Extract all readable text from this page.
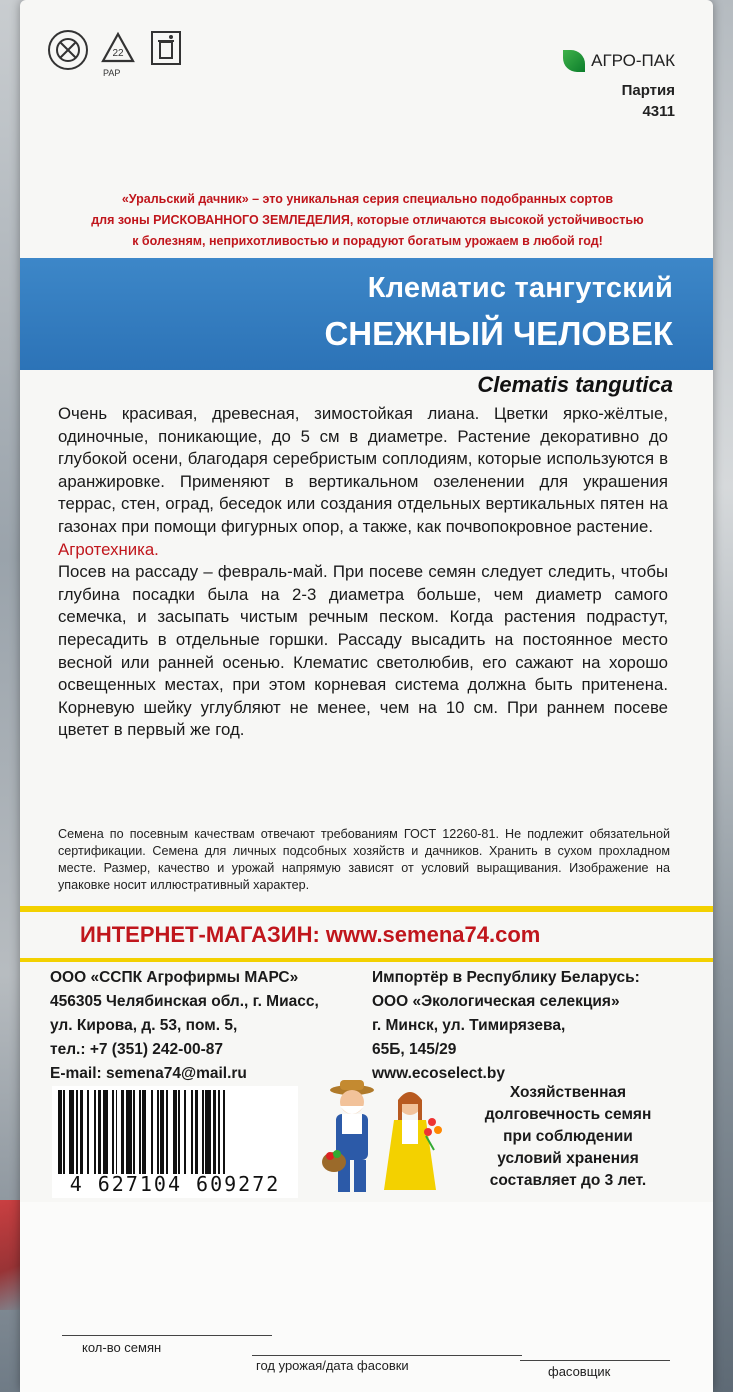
22
PAP
АГРО-ПАК
Партия
4311
«Уральский дачник» – это уникальная серия специально подобранных сортов
для зоны РИСКОВАННОГО ЗЕМЛЕДЕЛИЯ, которые отличаются высокой устойчивостью
к болезням, неприхотливостью и порадуют богатым урожаем в любой год!
Клематис тангутский
СНЕЖНЫЙ ЧЕЛОВЕК
Clematis tangutica

Очень красивая, древесная, зимостойкая лиана. Цветки ярко-жёлтые, одиночные, поникающие, до 5 см в диаметре. Растение декоративно до глубокой осени, благодаря серебристым соплодиям, которые используются в аранжировке. Применяют в вертикальном озеленении для украшения террас, стен, оград, беседок или создания отдельных вертикальных пятен на газонах при помощи фигурных опор, а также, как почвопокровное растение.

Агротехника.

Посев на рассаду – февраль-май. При посеве семян следует следить, чтобы глубина посадки была на 2-3 диаметра больше, чем диаметр самого семечка, и засыпать чистым речным песком. Когда растения подрастут, пересадить в отдельные горшки. Рассаду высадить на постоянное место весной или ранней осенью. Клематис светолюбив, его сажают на хорошо освещенных местах, при этом корневая система должна быть притенена. Корневую шейку углубляют не менее, чем на 10 см. При раннем посеве цветет в первый же год.

Семена по посевным качествам отвечают требованиям ГОСТ 12260-81. Не подлежит обязательной сертификации. Семена для личных подсобных хозяйств и дачников. Хранить в сухом прохладном месте. Размер, качество и урожай напрямую зависят от условий выращивания. Изображение на упаковке носит иллюстративный характер.
ИНТЕРНЕТ-МАГАЗИН: www.semena74.com
ООО «ССПК Агрофирмы МАРС»
456305 Челябинская обл., г. Миасс,
ул. Кирова, д. 53, пом. 5,
тел.: +7 (351) 242-00-87
E-mail: semena74@mail.ru
Импортёр в Республику Беларусь:
ООО «Экологическая селекция»
г. Минск, ул. Тимирязева,
65Б, 145/29
www.ecoselect.by
4 627104 609272
Хозяйственная
долговечность семян
при соблюдении
условий хранения
составляет до 3 лет.
кол-во семян
год урожая/дата фасовки	фасовщик
